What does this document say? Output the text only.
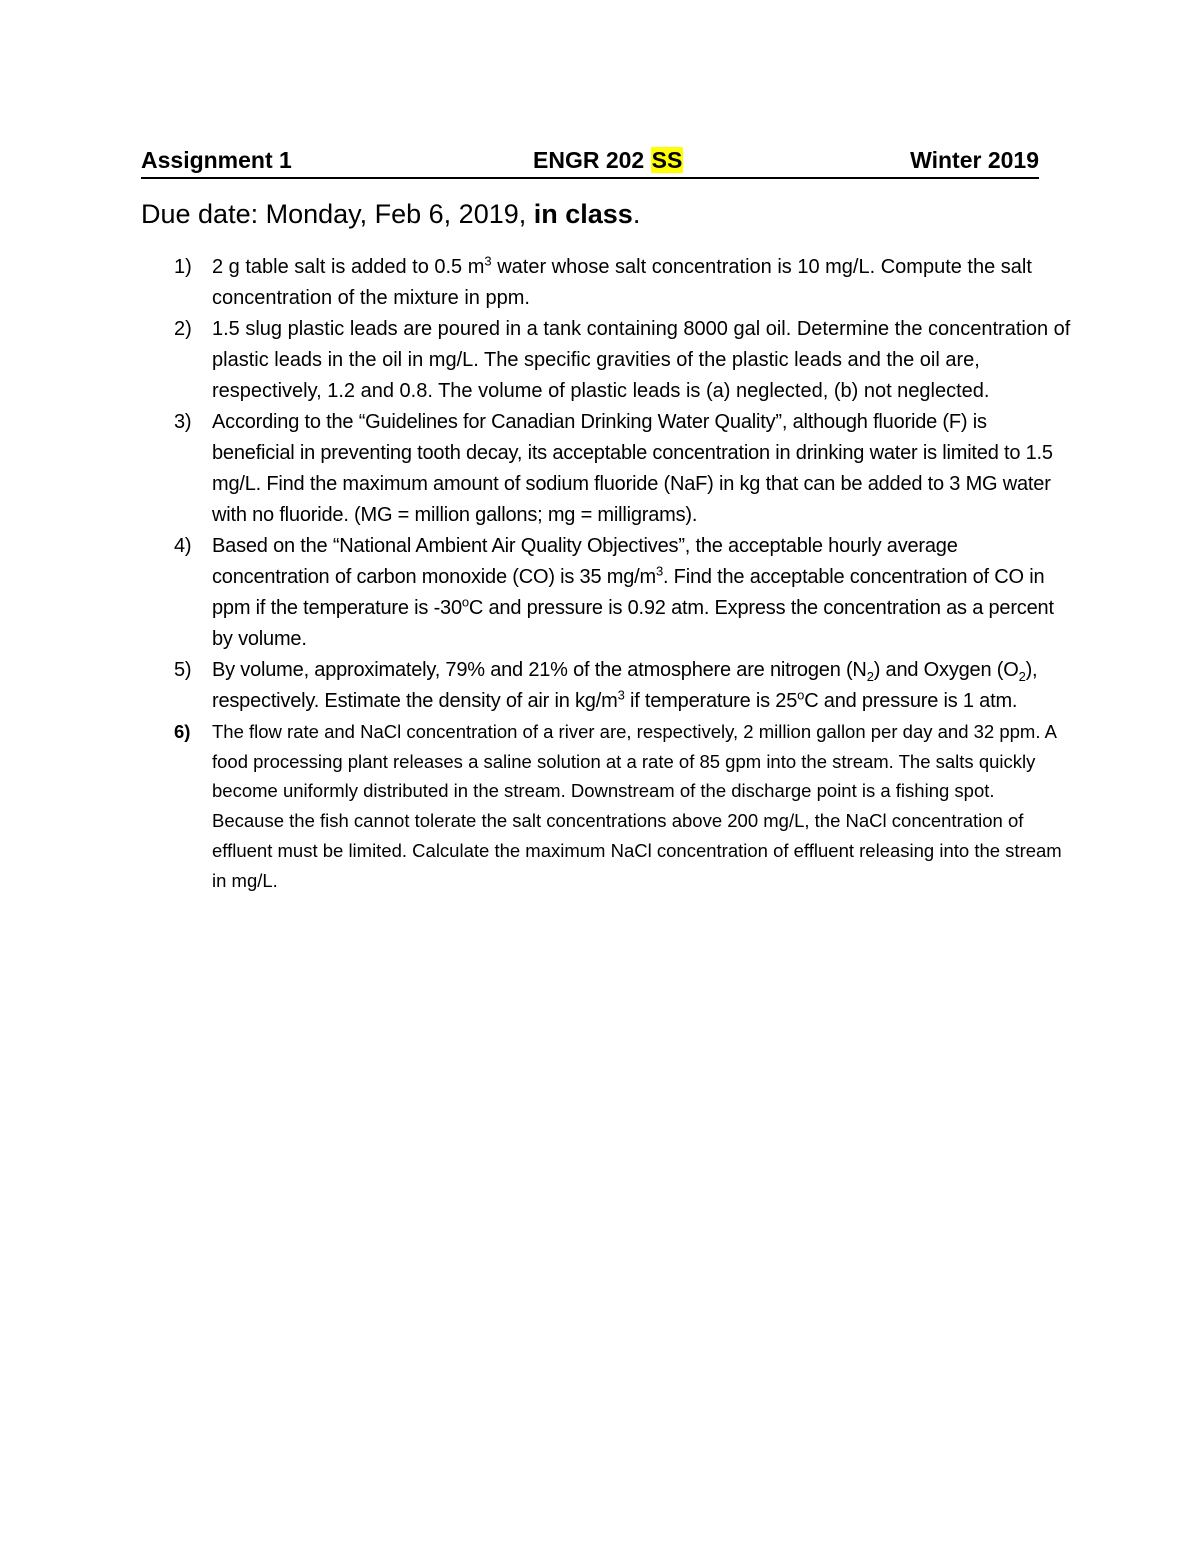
Assignment 1	ENGR 202 SS	Winter 2019
Due date: Monday, Feb 6, 2019, in class.
1) 2 g table salt is added to 0.5 $m^3$ water whose salt concentration is 10 mg/L. Compute the salt concentration of the mixture in ppm.
2) 1.5 slug plastic leads are poured in a tank containing 8000 gal oil. Determine the concentration of plastic leads in the oil in mg/L. The specific gravities of the plastic leads and the oil are, respectively, 1.2 and 0.8. The volume of plastic leads is (a) neglected, (b) not neglected.
3) According to the “Guidelines for Canadian Drinking Water Quality”, although fluoride (F) is beneficial in preventing tooth decay, its acceptable concentration in drinking water is limited to 1.5 mg/L. Find the maximum amount of sodium fluoride (NaF) in kg that can be added to 3 MG water with no fluoride. (MG = million gallons; mg = milligrams).
4) Based on the “National Ambient Air Quality Objectives”, the acceptable hourly average concentration of carbon monoxide (CO) is 35 $mg/m^3$. Find the acceptable concentration of CO in ppm if the temperature is -30$^o$C and pressure is 0.92 atm. Express the concentration as a percent by volume.
5) By volume, approximately, 79% and 21% of the atmosphere are nitrogen $(N_2)$ and Oxygen $(O_2)$, respectively. Estimate the density of air in $kg/m^3$ if temperature is 25$^o$C and pressure is 1 atm.
6) The flow rate and NaCl concentration of a river are, respectively, 2 million gallon per day and 32 ppm. A food processing plant releases a saline solution at a rate of 85 gpm into the stream. The salts quickly become uniformly distributed in the stream. Downstream of the discharge point is a fishing spot. Because the fish cannot tolerate the salt concentrations above 200 mg/L, the NaCl concentration of effluent must be limited. Calculate the maximum NaCl concentration of effluent releasing into the stream in mg/L.
